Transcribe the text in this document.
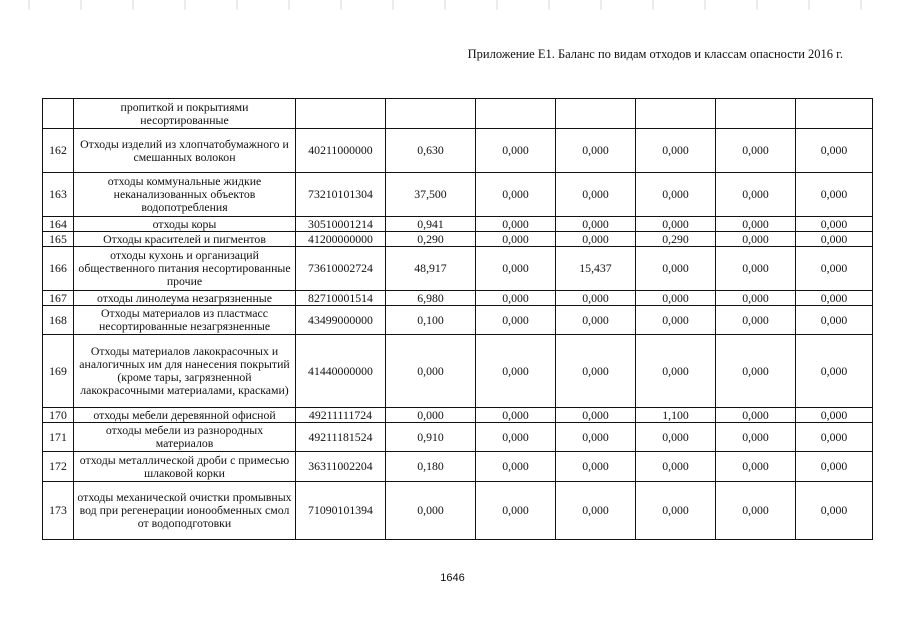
Приложение Е1. Баланс по видам отходов и классам опасности 2016 г.
	пропиткой и покрытиями несортированные							
162	Отходы изделий из хлопчатобумажного и смешанных волокон	40211000000	0,630	0,000	0,000	0,000	0,000	0,000
163	отходы коммунальные жидкие неканализованных объектов водопотребления	73210101304	37,500	0,000	0,000	0,000	0,000	0,000
164	отходы коры	30510001214	0,941	0,000	0,000	0,000	0,000	0,000
165	Отходы красителей и пигментов	41200000000	0,290	0,000	0,000	0,290	0,000	0,000
166	отходы кухонь и организаций общественного питания несортированные прочие	73610002724	48,917	0,000	15,437	0,000	0,000	0,000
167	отходы линолеума незагрязненные	82710001514	6,980	0,000	0,000	0,000	0,000	0,000
168	Отходы материалов из пластмасс несортированные незагрязненные	43499000000	0,100	0,000	0,000	0,000	0,000	0,000
169	Отходы материалов лакокрасочных и аналогичных им для нанесения покрытий (кроме тары, загрязненной лакокрасочными материалами, красками)	41440000000	0,000	0,000	0,000	0,000	0,000	0,000
170	отходы мебели деревянной офисной	49211111724	0,000	0,000	0,000	1,100	0,000	0,000
171	отходы мебели из разнородных материалов	49211181524	0,910	0,000	0,000	0,000	0,000	0,000
172	отходы металлической дроби с примесью шлаковой корки	36311002204	0,180	0,000	0,000	0,000	0,000	0,000
173	отходы механической очистки промывных вод при регенерации ионообменных смол от водоподготовки	71090101394	0,000	0,000	0,000	0,000	0,000	0,000
1646
